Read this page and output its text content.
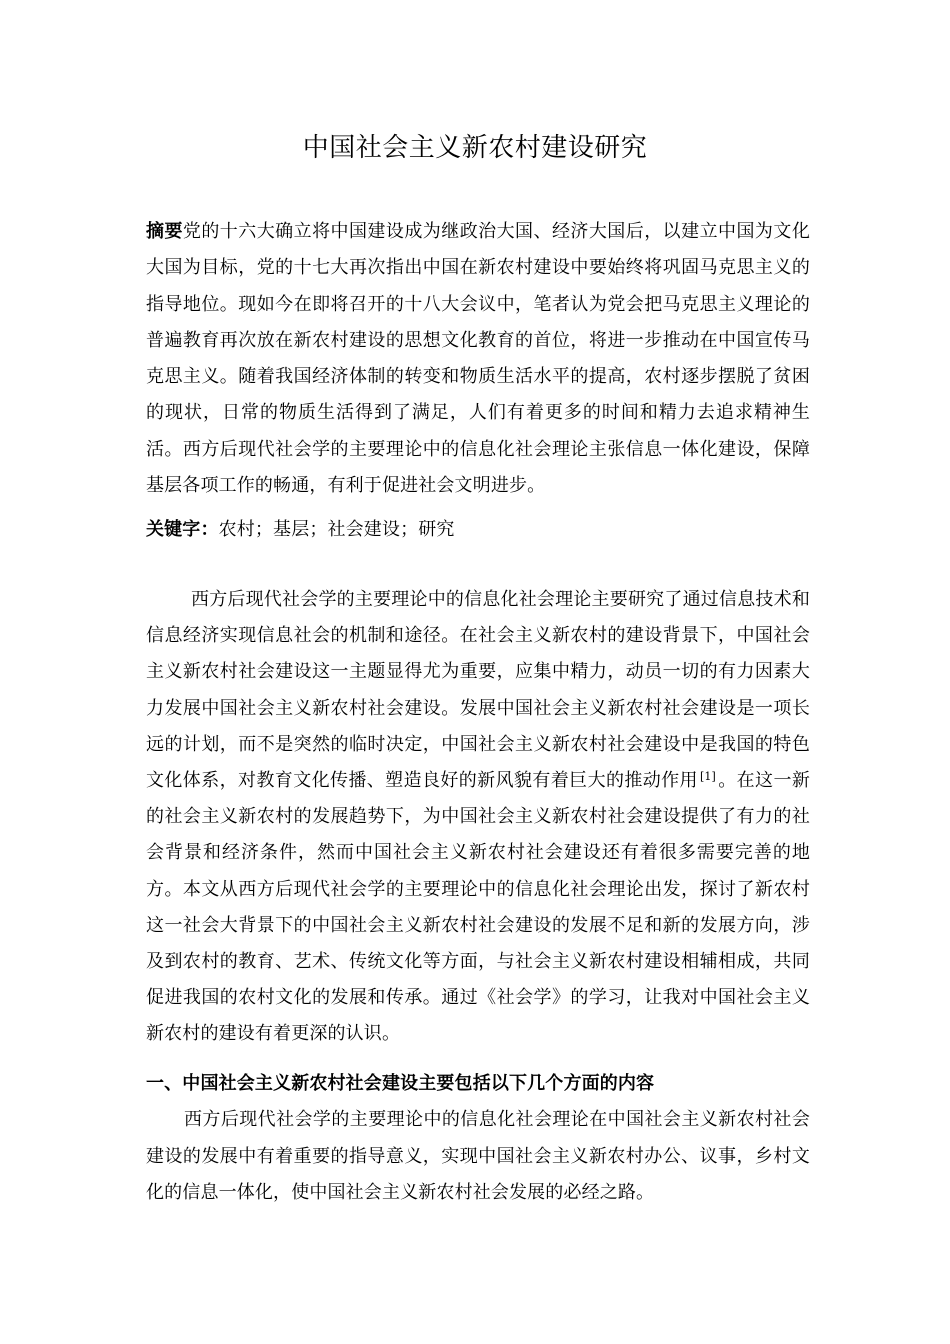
中国社会主义新农村建设研究
摘要党的十六大确立将中国建设成为继政治大国、经济大国后，以建立中国为文化大国为目标，党的十七大再次指出中国在新农村建设中要始终将巩固马克思主义的指导地位。现如今在即将召开的十八大会议中，笔者认为党会把马克思主义理论的普遍教育再次放在新农村建设的思想文化教育的首位，将进一步推动在中国宣传马克思主义。随着我国经济体制的转变和物质生活水平的提高，农村逐步摆脱了贫困的现状，日常的物质生活得到了满足，人们有着更多的时间和精力去追求精神生活。西方后现代社会学的主要理论中的信息化社会理论主张信息一体化建设，保障基层各项工作的畅通，有利于促进社会文明进步。
关键字：农村；基层；社会建设；研究
西方后现代社会学的主要理论中的信息化社会理论主要研究了通过信息技术和信息经济实现信息社会的机制和途径。在社会主义新农村的建设背景下，中国社会主义新农村社会建设这一主题显得尤为重要，应集中精力，动员一切的有力因素大力发展中国社会主义新农村社会建设。发展中国社会主义新农村社会建设是一项长远的计划，而不是突然的临时决定，中国社会主义新农村社会建设中是我国的特色文化体系，对教育文化传播、塑造良好的新风貌有着巨大的推动作用 [1] 。在这一新的社会主义新农村的发展趋势下，为中国社会主义新农村社会建设提供了有力的社会背景和经济条件，然而中国社会主义新农村社会建设还有着很多需要完善的地方。本文从西方后现代社会学的主要理论中的信息化社会理论出发，探讨了新农村这一社会大背景下的中国社会主义新农村社会建设的发展不足和新的发展方向，涉及到农村的教育、艺术、传统文化等方面，与社会主义新农村建设相辅相成，共同促进我国的农村文化的发展和传承。通过《社会学》的学习，让我对中国社会主义新农村的建设有着更深的认识。
一、中国社会主义新农村社会建设主要包括以下几个方面的内容
西方后现代社会学的主要理论中的信息化社会理论在中国社会主义新农村社会建设的发展中有着重要的指导意义，实现中国社会主义新农村办公、议事，乡村文化的信息一体化，使中国社会主义新农村社会发展的必经之路。
